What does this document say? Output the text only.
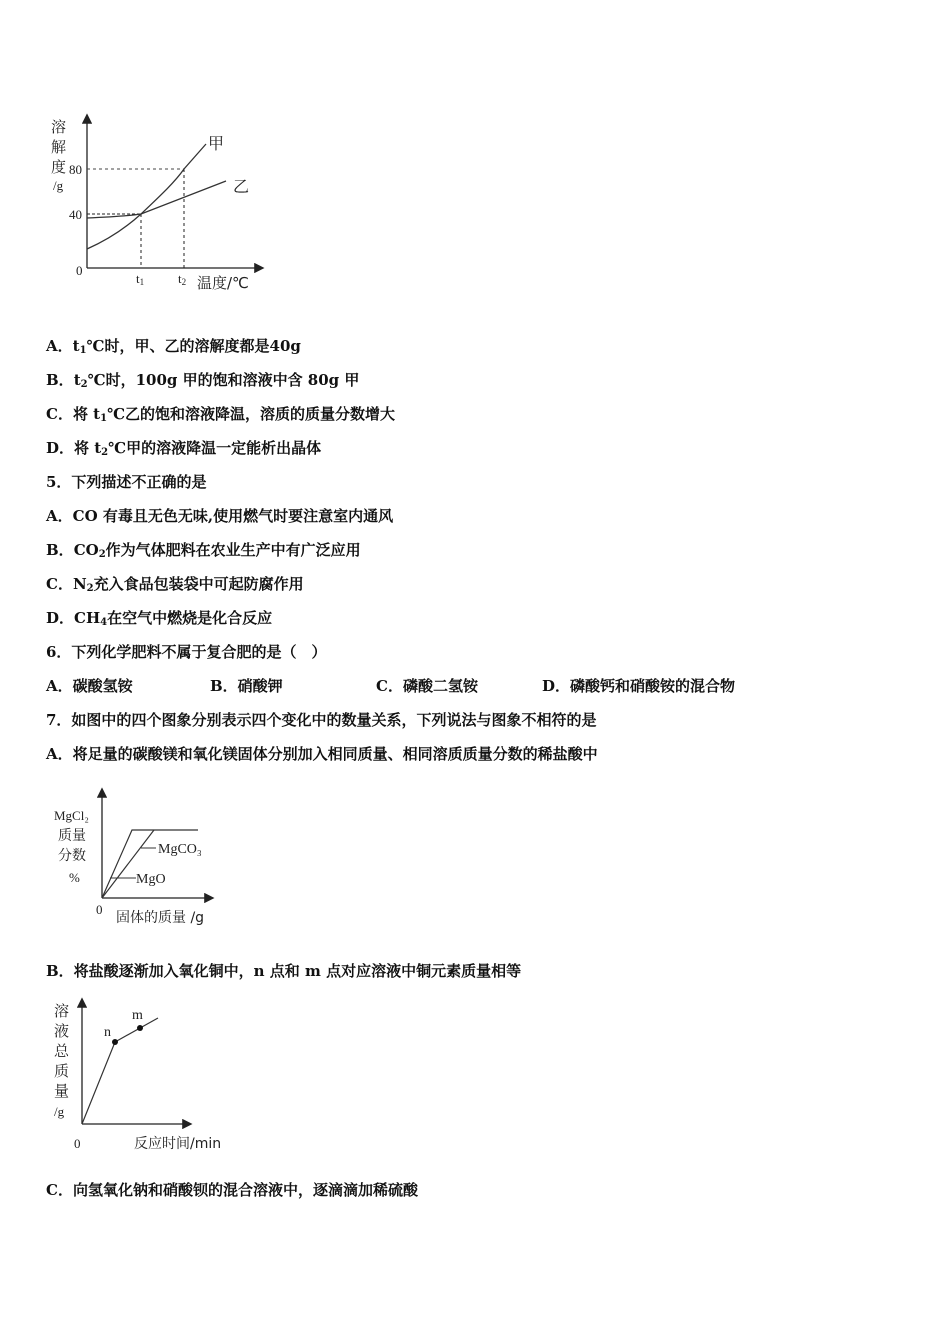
溶
解
度
/g
80
40
0
甲
乙
t1	t2 温度/℃
A．$t_1℃$时，甲、乙的溶解度都是40g
B．$t_2℃$时，100g 甲的饱和溶液中含 80g 甲
C．将 $t_1℃$乙的饱和溶液降温，溶质的质量分数增大
D．将 $t_2℃$甲的溶液降温一定能析出晶体
5．下列描述不正确的是
A．CO 有毒且无色无味,使用燃气时要注意室内通风
B．$CO_2$作为气体肥料在农业生产中有广泛应用
C．$N_2$充入食品包装袋中可起防腐作用
D．$CH_4$在空气中燃烧是化合反应
6．下列化学肥料不属于复合肥的是（　）
A．碳酸氢铵	B．硝酸钾	C．磷酸二氢铵	D．磷酸钙和硝酸铵的混合物
7．如图中的四个图象分别表示四个变化中的数量关系，下列说法与图象不相符的是
A．将足量的碳酸镁和氧化镁固体分别加入相同质量、相同溶质质量分数的稀盐酸中
MgCl₂
质量
分数
%
MgCO₃
MgO
0
固体的质量 /g
B．将盐酸逐渐加入氧化铜中，n 点和 m 点对应溶液中铜元素质量相等
溶
液
总
质
量
/g
n
m
0	反应时间/min
C．向氢氧化钠和硝酸钡的混合溶液中，逐滴滴加稀硫酸
